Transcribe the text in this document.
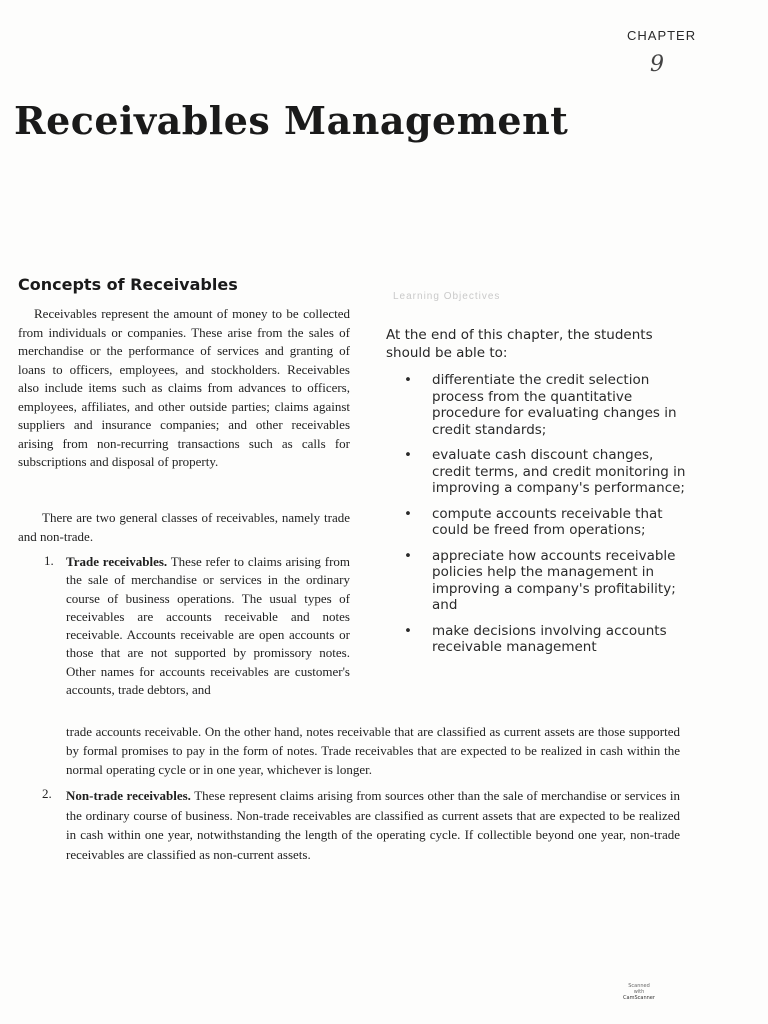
CHAPTER
9
Receivables Management
Concepts of Receivables

Receivables represent the amount of money to be collected from individuals or companies. These arise from the sales of merchandise or the performance of services and granting of loans to officers, employees, and stockholders. Receivables also include items such as claims from advances to officers, employees, affiliates, and other outside parties; claims against suppliers and insurance companies; and other receivables arising from non-recurring transactions such as calls for subscriptions and disposal of property.

There are two general classes of receivables, namely trade and non-trade.

1. Trade receivables. These refer to claims arising from the sale of merchandise or services in the ordinary course of business operations. The usual types of receivables are accounts receivable and notes receivable. Accounts receivable are open accounts or those that are not supported by promissory notes. Other names for accounts receivables are customer's accounts, trade debtors, and
trade accounts receivable. On the other hand, notes receivable that are classified as current assets are those supported by formal promises to pay in the form of notes. Trade receivables that are expected to be realized in cash within the normal operating cycle or in one year, whichever is longer.
2. Non-trade receivables. These represent claims arising from sources other than the sale of merchandise or services in the ordinary course of business. Non-trade receivables are classified as current assets that are expected to be realized in cash within one year, notwithstanding the length of the operating cycle. If collectible beyond one year, non-trade receivables are classified as non-current assets.
Learning Objectives
At the end of this chapter, the students should be able to:
• differentiate the credit selection process from the quantitative procedure for evaluating changes in credit standards;
• evaluate cash discount changes, credit terms, and credit monitoring in improving a company's performance;
• compute accounts receivable that could be freed from operations;
• appreciate how accounts receivable policies help the management in improving a company's profitability; and
• make decisions involving accounts receivable management
Scanned with
CamScanner
